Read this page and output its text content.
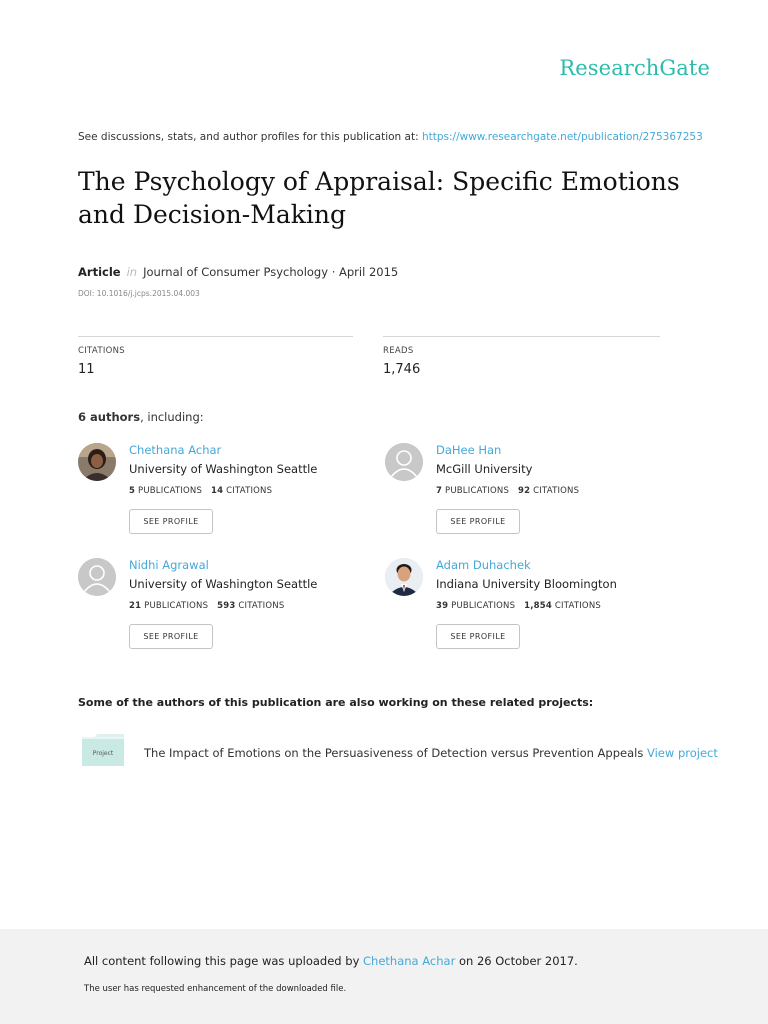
ResearchGate
See discussions, stats, and author profiles for this publication at: https://www.researchgate.net/publication/275367253
The Psychology of Appraisal: Specific Emotions and Decision-Making
Article in Journal of Consumer Psychology · April 2015
DOI: 10.1016/j.jcps.2015.04.003
CITATIONS
11
READS
1,746
6 authors, including:
Chethana Achar
University of Washington Seattle
5 PUBLICATIONS 14 CITATIONS
SEE PROFILE
DaHee Han
McGill University
7 PUBLICATIONS 92 CITATIONS
SEE PROFILE
Nidhi Agrawal
University of Washington Seattle
21 PUBLICATIONS 593 CITATIONS
SEE PROFILE
Adam Duhachek
Indiana University Bloomington
39 PUBLICATIONS 1,854 CITATIONS
SEE PROFILE
Some of the authors of this publication are also working on these related projects:
Project	The Impact of Emotions on the Persuasiveness of Detection versus Prevention Appeals View project
All content following this page was uploaded by Chethana Achar on 26 October 2017.
The user has requested enhancement of the downloaded file.
